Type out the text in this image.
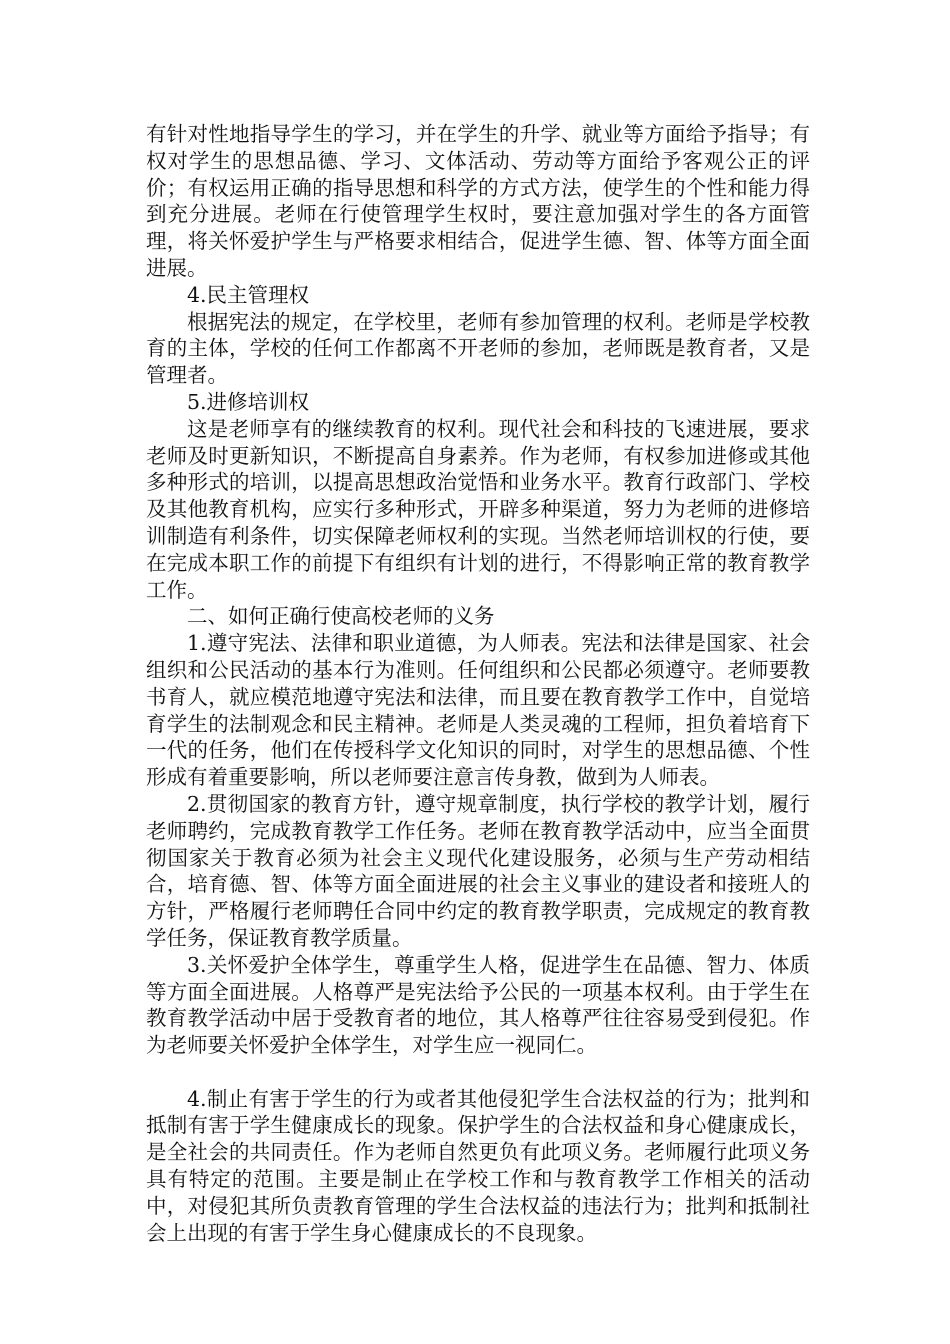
有针对性地指导学生的学习，并在学生的升学、就业等方面给予指导；有权对学生的思想品德、学习、文体活动、劳动等方面给予客观公正的评价；有权运用正确的指导思想和科学的方式方法，使学生的个性和能力得到充分进展。老师在行使管理学生权时，要注意加强对学生的各方面管理，将关怀爱护学生与严格要求相结合，促进学生德、智、体等方面全面进展。

4.民主管理权

根据宪法的规定，在学校里，老师有参加管理的权利。老师是学校教育的主体，学校的任何工作都离不开老师的参加，老师既是教育者，又是管理者。

5.进修培训权

这是老师享有的继续教育的权利。现代社会和科技的飞速进展，要求老师及时更新知识，不断提高自身素养。作为老师，有权参加进修或其他多种形式的培训，以提高思想政治觉悟和业务水平。教育行政部门、学校及其他教育机构，应实行多种形式，开辟多种渠道，努力为老师的进修培训制造有利条件，切实保障老师权利的实现。当然老师培训权的行使，要在完成本职工作的前提下有组织有计划的进行，不得影响正常的教育教学工作。

二、如何正确行使高校老师的义务

1.遵守宪法、法律和职业道德，为人师表。宪法和法律是国家、社会组织和公民活动的基本行为准则。任何组织和公民都必须遵守。老师要教书育人，就应模范地遵守宪法和法律，而且要在教育教学工作中，自觉培育学生的法制观念和民主精神。老师是人类灵魂的工程师，担负着培育下一代的任务，他们在传授科学文化知识的同时，对学生的思想品德、个性形成有着重要影响，所以老师要注意言传身教，做到为人师表。

2.贯彻国家的教育方针，遵守规章制度，执行学校的教学计划，履行老师聘约，完成教育教学工作任务。老师在教育教学活动中，应当全面贯彻国家关于教育必须为社会主义现代化建设服务，必须与生产劳动相结合，培育德、智、体等方面全面进展的社会主义事业的建设者和接班人的方针，严格履行老师聘任合同中约定的教育教学职责，完成规定的教育教学任务，保证教育教学质量。

3.关怀爱护全体学生，尊重学生人格，促进学生在品德、智力、体质等方面全面进展。人格尊严是宪法给予公民的一项基本权利。由于学生在教育教学活动中居于受教育者的地位，其人格尊严往往容易受到侵犯。作为老师要关怀爱护全体学生，对学生应一视同仁。

4.制止有害于学生的行为或者其他侵犯学生合法权益的行为；批判和抵制有害于学生健康成长的现象。保护学生的合法权益和身心健康成长，是全社会的共同责任。作为老师自然更负有此项义务。老师履行此项义务具有特定的范围。主要是制止在学校工作和与教育教学工作相关的活动中，对侵犯其所负责教育管理的学生合法权益的违法行为；批判和抵制社会上出现的有害于学生身心健康成长的不良现象。
